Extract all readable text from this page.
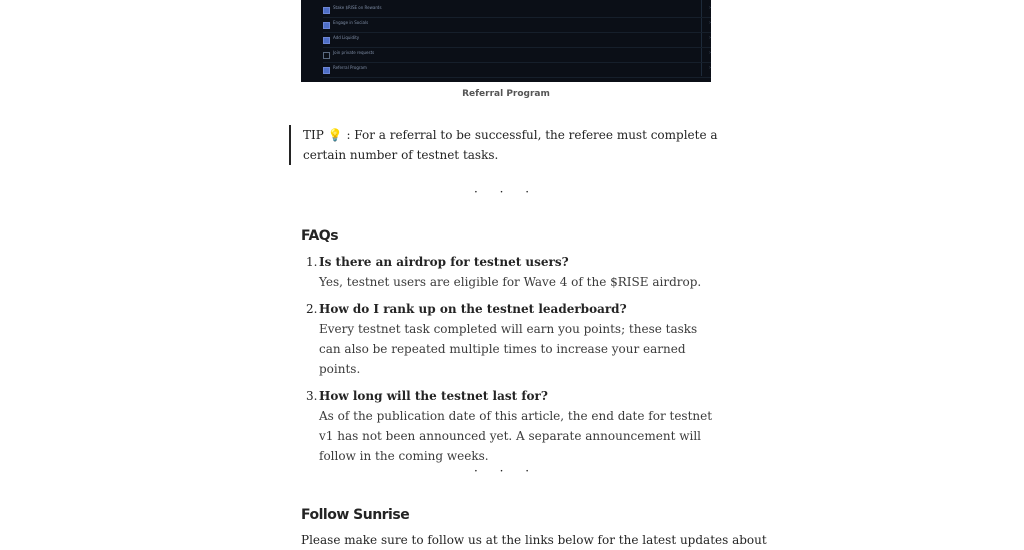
Stake $RISE on Rewards	›
Engage in Socials	›
Add Liquidity	›
Join private requests	›
Referral Program	›
Referral Program
TIP 💡 : For a referral to be successful, the referee must complete a certain number of testnet tasks.
· · ·
FAQs
1. Is there an airdrop for testnet users?
Yes, testnet users are eligible for Wave 4 of the $RISE airdrop.
2. How do I rank up on the testnet leaderboard?
Every testnet task completed will earn you points; these tasks can also be repeated multiple times to increase your earned points.
3. How long will the testnet last for?
As of the publication date of this article, the end date for testnet v1 has not been announced yet. A separate announcement will follow in the coming weeks.
· · ·
Follow Sunrise
Please make sure to follow us at the links below for the latest updates about
